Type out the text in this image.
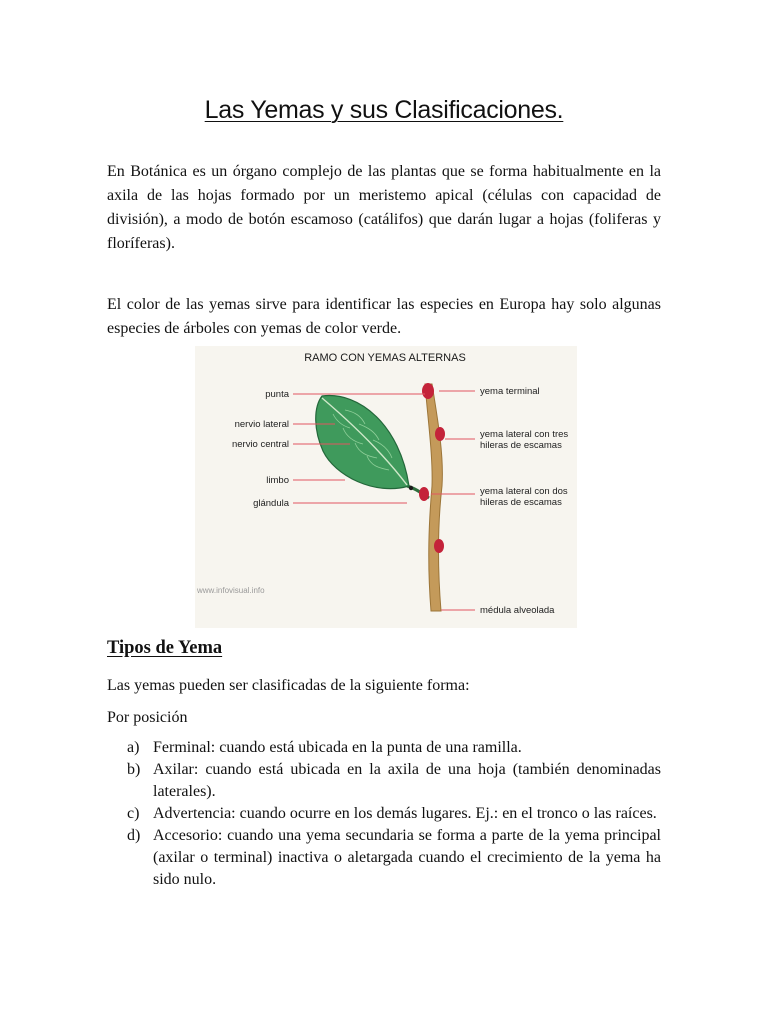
Las Yemas y sus Clasificaciones.
En Botánica es un órgano complejo de las plantas que se forma habitualmente en la axila de las hojas formado por un meristemo apical (células con capacidad de división), a modo de botón escamoso (catálifos) que darán lugar a hojas (foliferas y floríferas).
El color de las yemas sirve para identificar las especies en Europa hay solo algunas especies de árboles con yemas de color verde.
RAMO CON YEMAS ALTERNAS
punta
nervio lateral
nervio central
limbo
glándula
yema terminal
yema lateral con tres
hileras de escamas
yema lateral con dos
hileras de escamas
médula alveolada
www.infovisual.info
Tipos de Yema
Las yemas pueden ser clasificadas de la siguiente forma:
Por posición
a) Ferminal: cuando está ubicada en la punta de una ramilla.
b) Axilar: cuando está ubicada en la axila de una hoja (también denominadas laterales).
c) Advertencia: cuando ocurre en los demás lugares. Ej.: en el tronco o las raíces.
d) Accesorio: cuando una yema secundaria se forma a parte de la yema principal (axilar o terminal) inactiva o aletargada cuando el crecimiento de la yema ha sido nulo.
